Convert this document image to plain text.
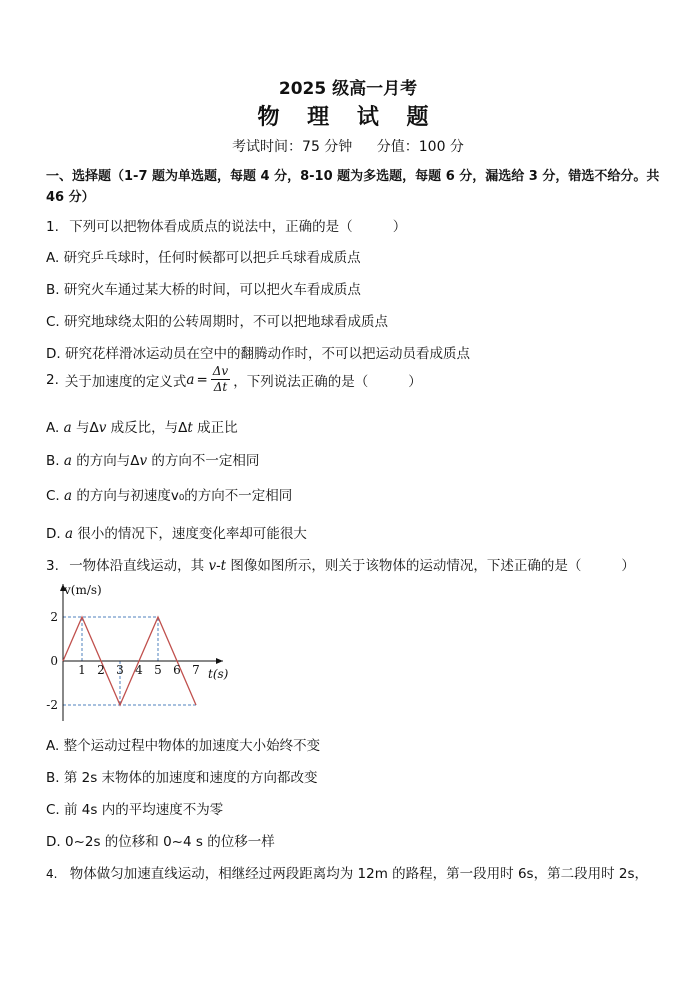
2025 级高一月考
物 理 试 题
考试时间：75 分钟 分值：100 分
一、选择题（1-7 题为单选题，每题 4 分，8-10 题为多选题，每题 6 分，漏选给 3 分，错选不给分。共 46 分）
1. 下列可以把物体看成质点的说法中，正确的是（	）
A. 研究乒乓球时，任何时候都可以把乒乓球看成质点
B. 研究火车通过某大桥的时间，可以把火车看成质点
C. 研究地球绕太阳的公转周期时，不可以把地球看成质点
D. 研究花样滑冰运动员在空中的翻腾动作时，不可以把运动员看成质点
2. 关于加速度的定义式 $a = \frac{\Delta v}{\Delta t}$ ，下列说法正确的是（	）
A. a 与Δv 成反比，与Δt 成正比
B. a 的方向与Δv 的方向不一定相同
C. a 的方向与初速度v₀的方向不一定相同
D. a 很小的情况下，速度变化率却可能很大
3. 一物体沿直线运动，其 v-t 图像如图所示，则关于该物体的运动情况，下述正确的是（	）
v(m/s)
t(s)
2
0
-2
1 2 3 4 5 6 7
A. 整个运动过程中物体的加速度大小始终不变
B. 第 2s 末物体的加速度和速度的方向都改变
C. 前 4s 内的平均速度不为零
D. 0~2s 的位移和 0~4 s 的位移一样
4. 物体做匀加速直线运动，相继经过两段距离均为 12m 的路程，第一段用时 6s，第二段用时 2s，
